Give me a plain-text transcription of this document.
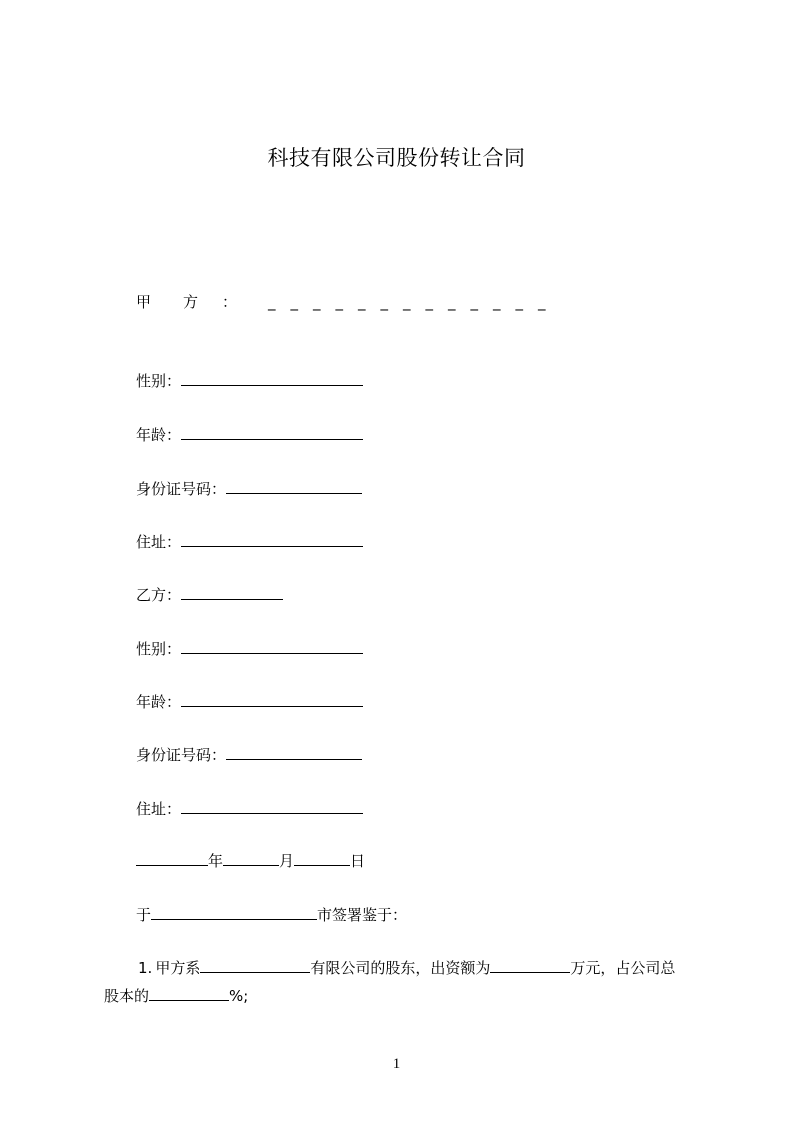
科技有限公司股份转让合同
甲 方 ： _　_　_　_　_　_　_　_　_　_　_　_　_
性别：
年龄：
身份证号码：
住址：
乙方：
性别：
年龄：
身份证号码：
住址：
年	月	日
于	市签署鉴于：
1. 甲方系	有限公司的股东，出资额为	万元，占公司总
股本的	%;
1
